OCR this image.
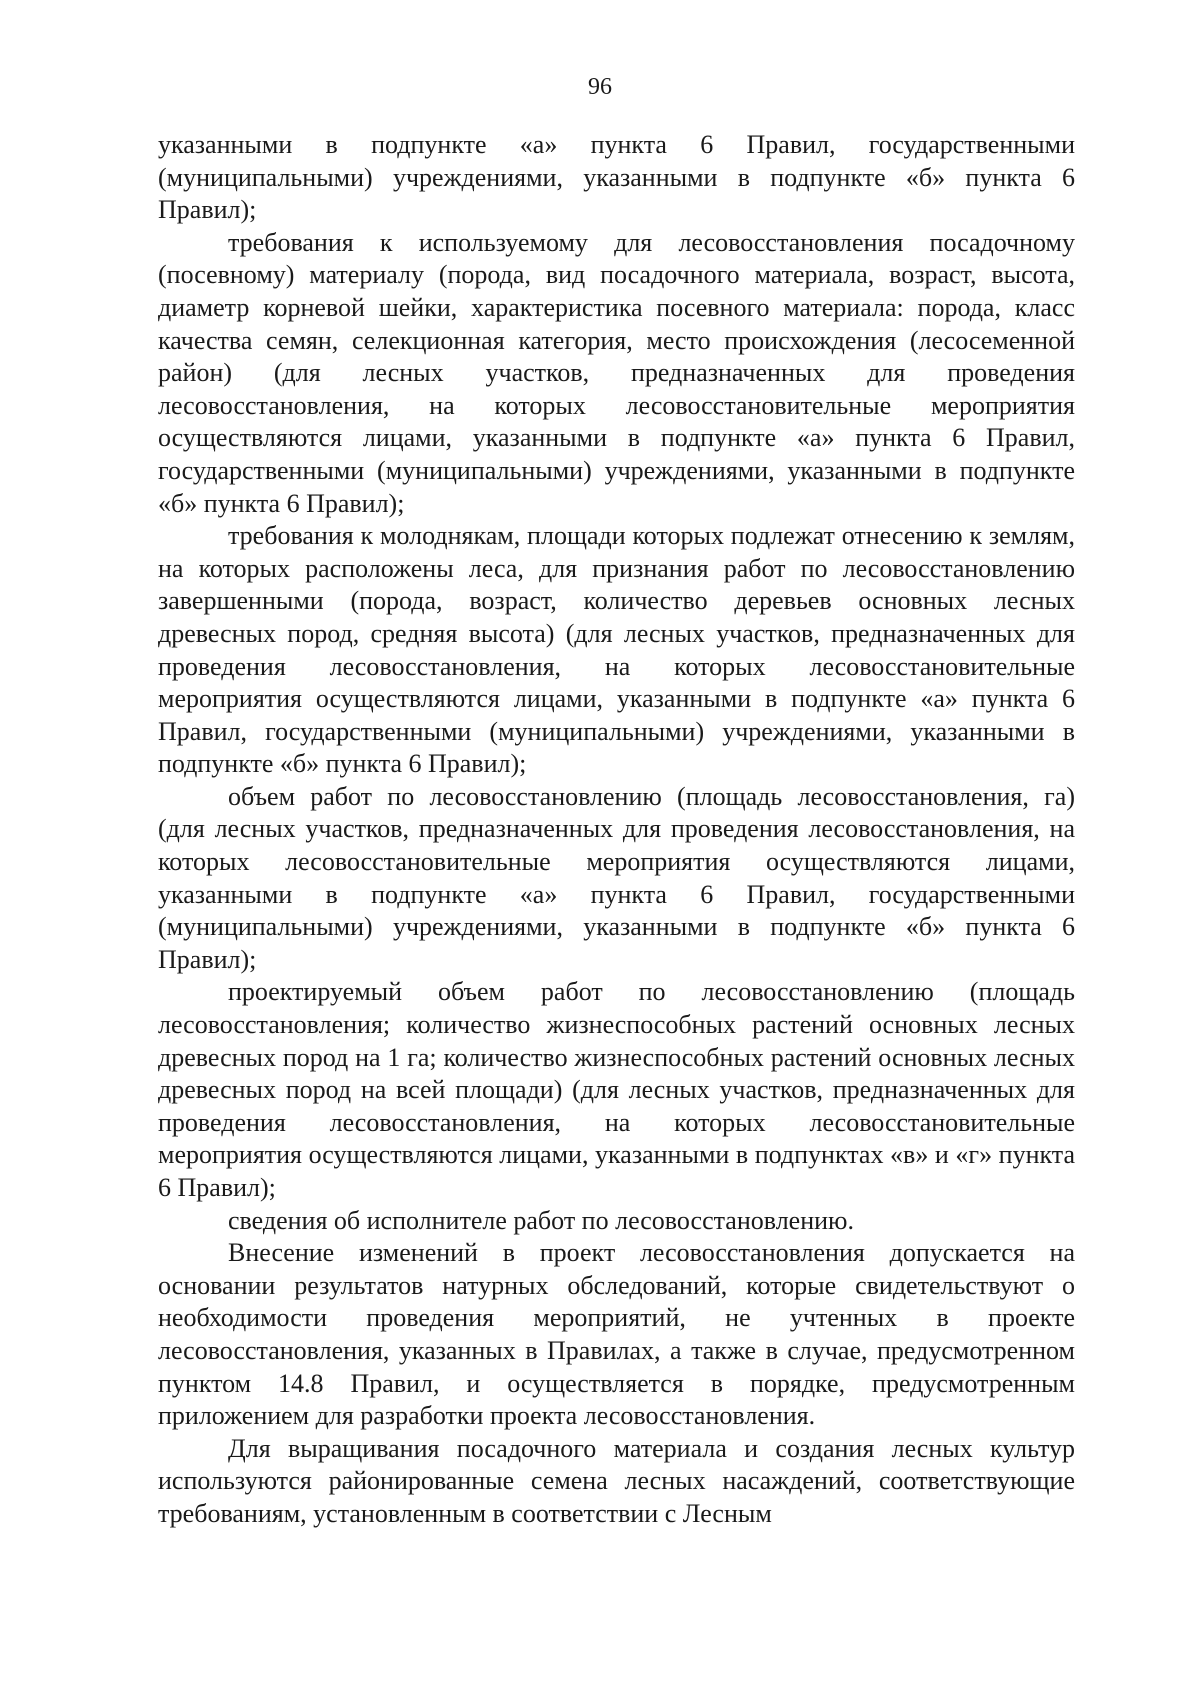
96

указанными в подпункте «а» пункта 6 Правил, государственными (муниципальными) учреждениями, указанными в подпункте «б» пункта 6 Правил);

требования к используемому для лесовосстановления посадочному (посевному) материалу (порода, вид посадочного материала, возраст, высота, диаметр корневой шейки, характеристика посевного материала: порода, класс качества семян, селекционная категория, место происхождения (лесосеменной район) (для лесных участков, предназначенных для проведения лесовосстановления, на которых лесовосстановительные мероприятия осуществляются лицами, указанными в подпункте «а» пункта 6 Правил, государственными (муниципальными) учреждениями, указанными в подпункте «б» пункта 6 Правил);

требования к молоднякам, площади которых подлежат отнесению к землям, на которых расположены леса, для признания работ по лесовосстановлению завершенными (порода, возраст, количество деревьев основных лесных древесных пород, средняя высота) (для лесных участков, предназначенных для проведения лесовосстановления, на которых лесовосстановительные мероприятия осуществляются лицами, указанными в подпункте «а» пункта 6 Правил, государственными (муниципальными) учреждениями, указанными в подпункте «б» пункта 6 Правил);

объем работ по лесовосстановлению (площадь лесовосстановления, га) (для лесных участков, предназначенных для проведения лесовосстановления, на которых лесовосстановительные мероприятия осуществляются лицами, указанными в подпункте «а» пункта 6 Правил, государственными (муниципальными) учреждениями, указанными в подпункте «б» пункта 6 Правил);

проектируемый объем работ по лесовосстановлению (площадь лесовосстановления; количество жизнеспособных растений основных лесных древесных пород на 1 га; количество жизнеспособных растений основных лесных древесных пород на всей площади) (для лесных участков, предназначенных для проведения лесовосстановления, на которых лесовосстановительные мероприятия осуществляются лицами, указанными в подпунктах «в» и «г» пункта 6 Правил);

сведения об исполнителе работ по лесовосстановлению.

Внесение изменений в проект лесовосстановления допускается на основании результатов натурных обследований, которые свидетельствуют о необходимости проведения мероприятий, не учтенных в проекте лесовосстановления, указанных в Правилах, а также в случае, предусмотренном пунктом 14.8 Правил, и осуществляется в порядке, предусмотренным приложением для разработки проекта лесовосстановления.

Для выращивания посадочного материала и создания лесных культур используются районированные семена лесных насаждений, соответствующие требованиям, установленным в соответствии с Лесным
